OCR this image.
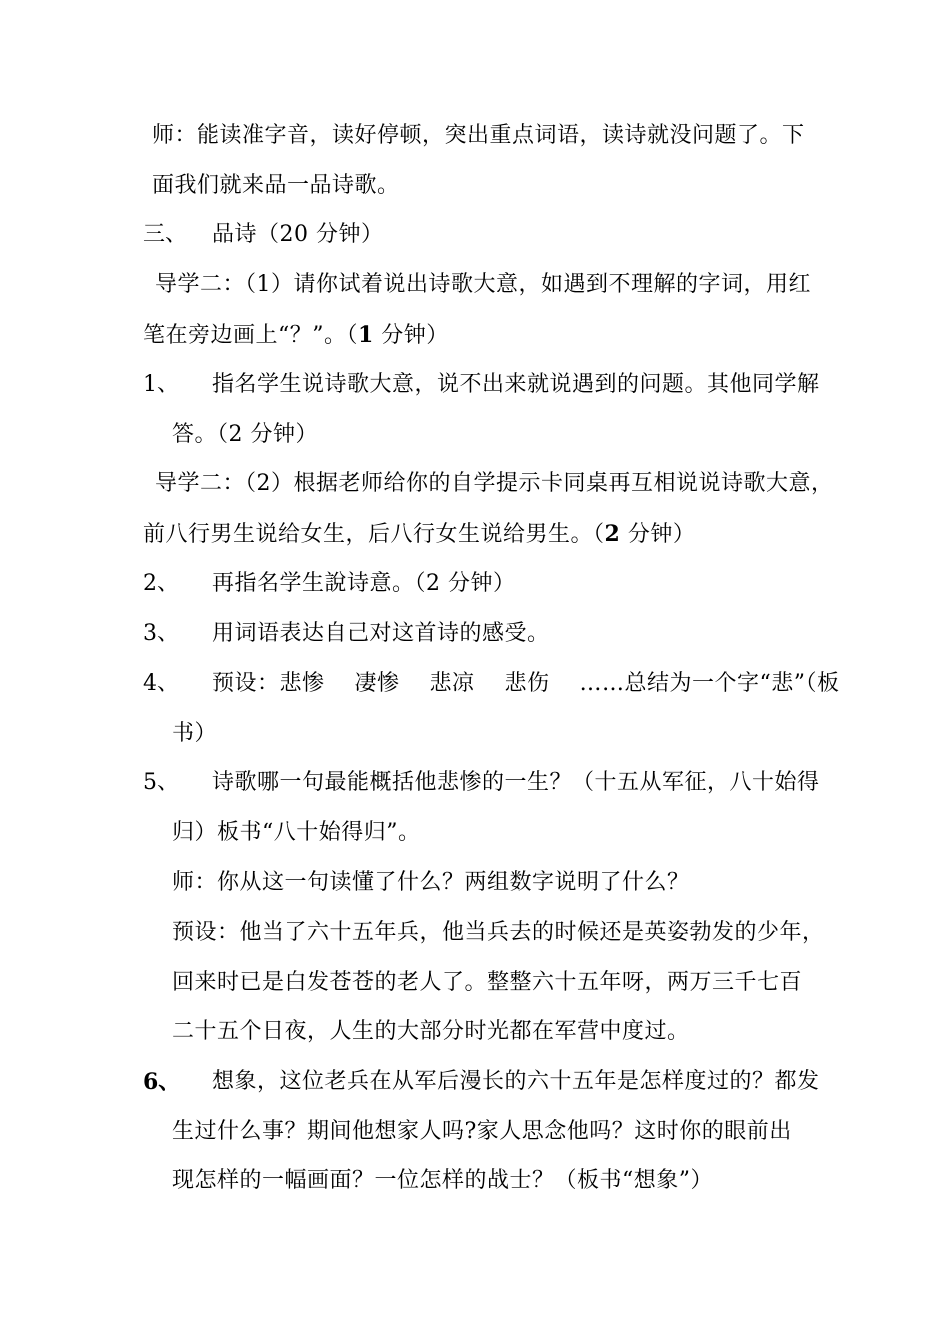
师：能读准字音，读好停顿，突出重点词语，读诗就没问题了。下
面我们就来品一品诗歌。
三、 品诗（20 分钟）
导学二：（1）请你试着说出诗歌大意，如遇到不理解的字词，用红
笔在旁边画上“？”。（1 分钟）
1、 指名学生说诗歌大意，说不出来就说遇到的问题。其他同学解
答。（2 分钟）
导学二：（2）根据老师给你的自学提示卡同桌再互相说说诗歌大意，
前八行男生说给女生，后八行女生说给男生。（2 分钟）
2、 再指名学生說诗意。（2 分钟）
3、 用词语表达自己对这首诗的感受。
4、 预设：悲惨　 凄惨　 悲凉　 悲伤　 ……总结为一个字“悲”（板
书）
5、 诗歌哪一句最能概括他悲惨的一生？（十五从军征，八十始得
归）板书“八十始得归”。
师：你从这一句读懂了什么？两组数字说明了什么？
预设：他当了六十五年兵，他当兵去的时候还是英姿勃发的少年，
回来时已是白发苍苍的老人了。整整六十五年呀，两万三千七百
二十五个日夜，人生的大部分时光都在军营中度过。
6、 想象，这位老兵在从军后漫长的六十五年是怎样度过的？都发
生过什么事？期间他想家人吗?家人思念他吗？这时你的眼前出
现怎样的一幅画面？一位怎样的战士？（板书“想象”）
